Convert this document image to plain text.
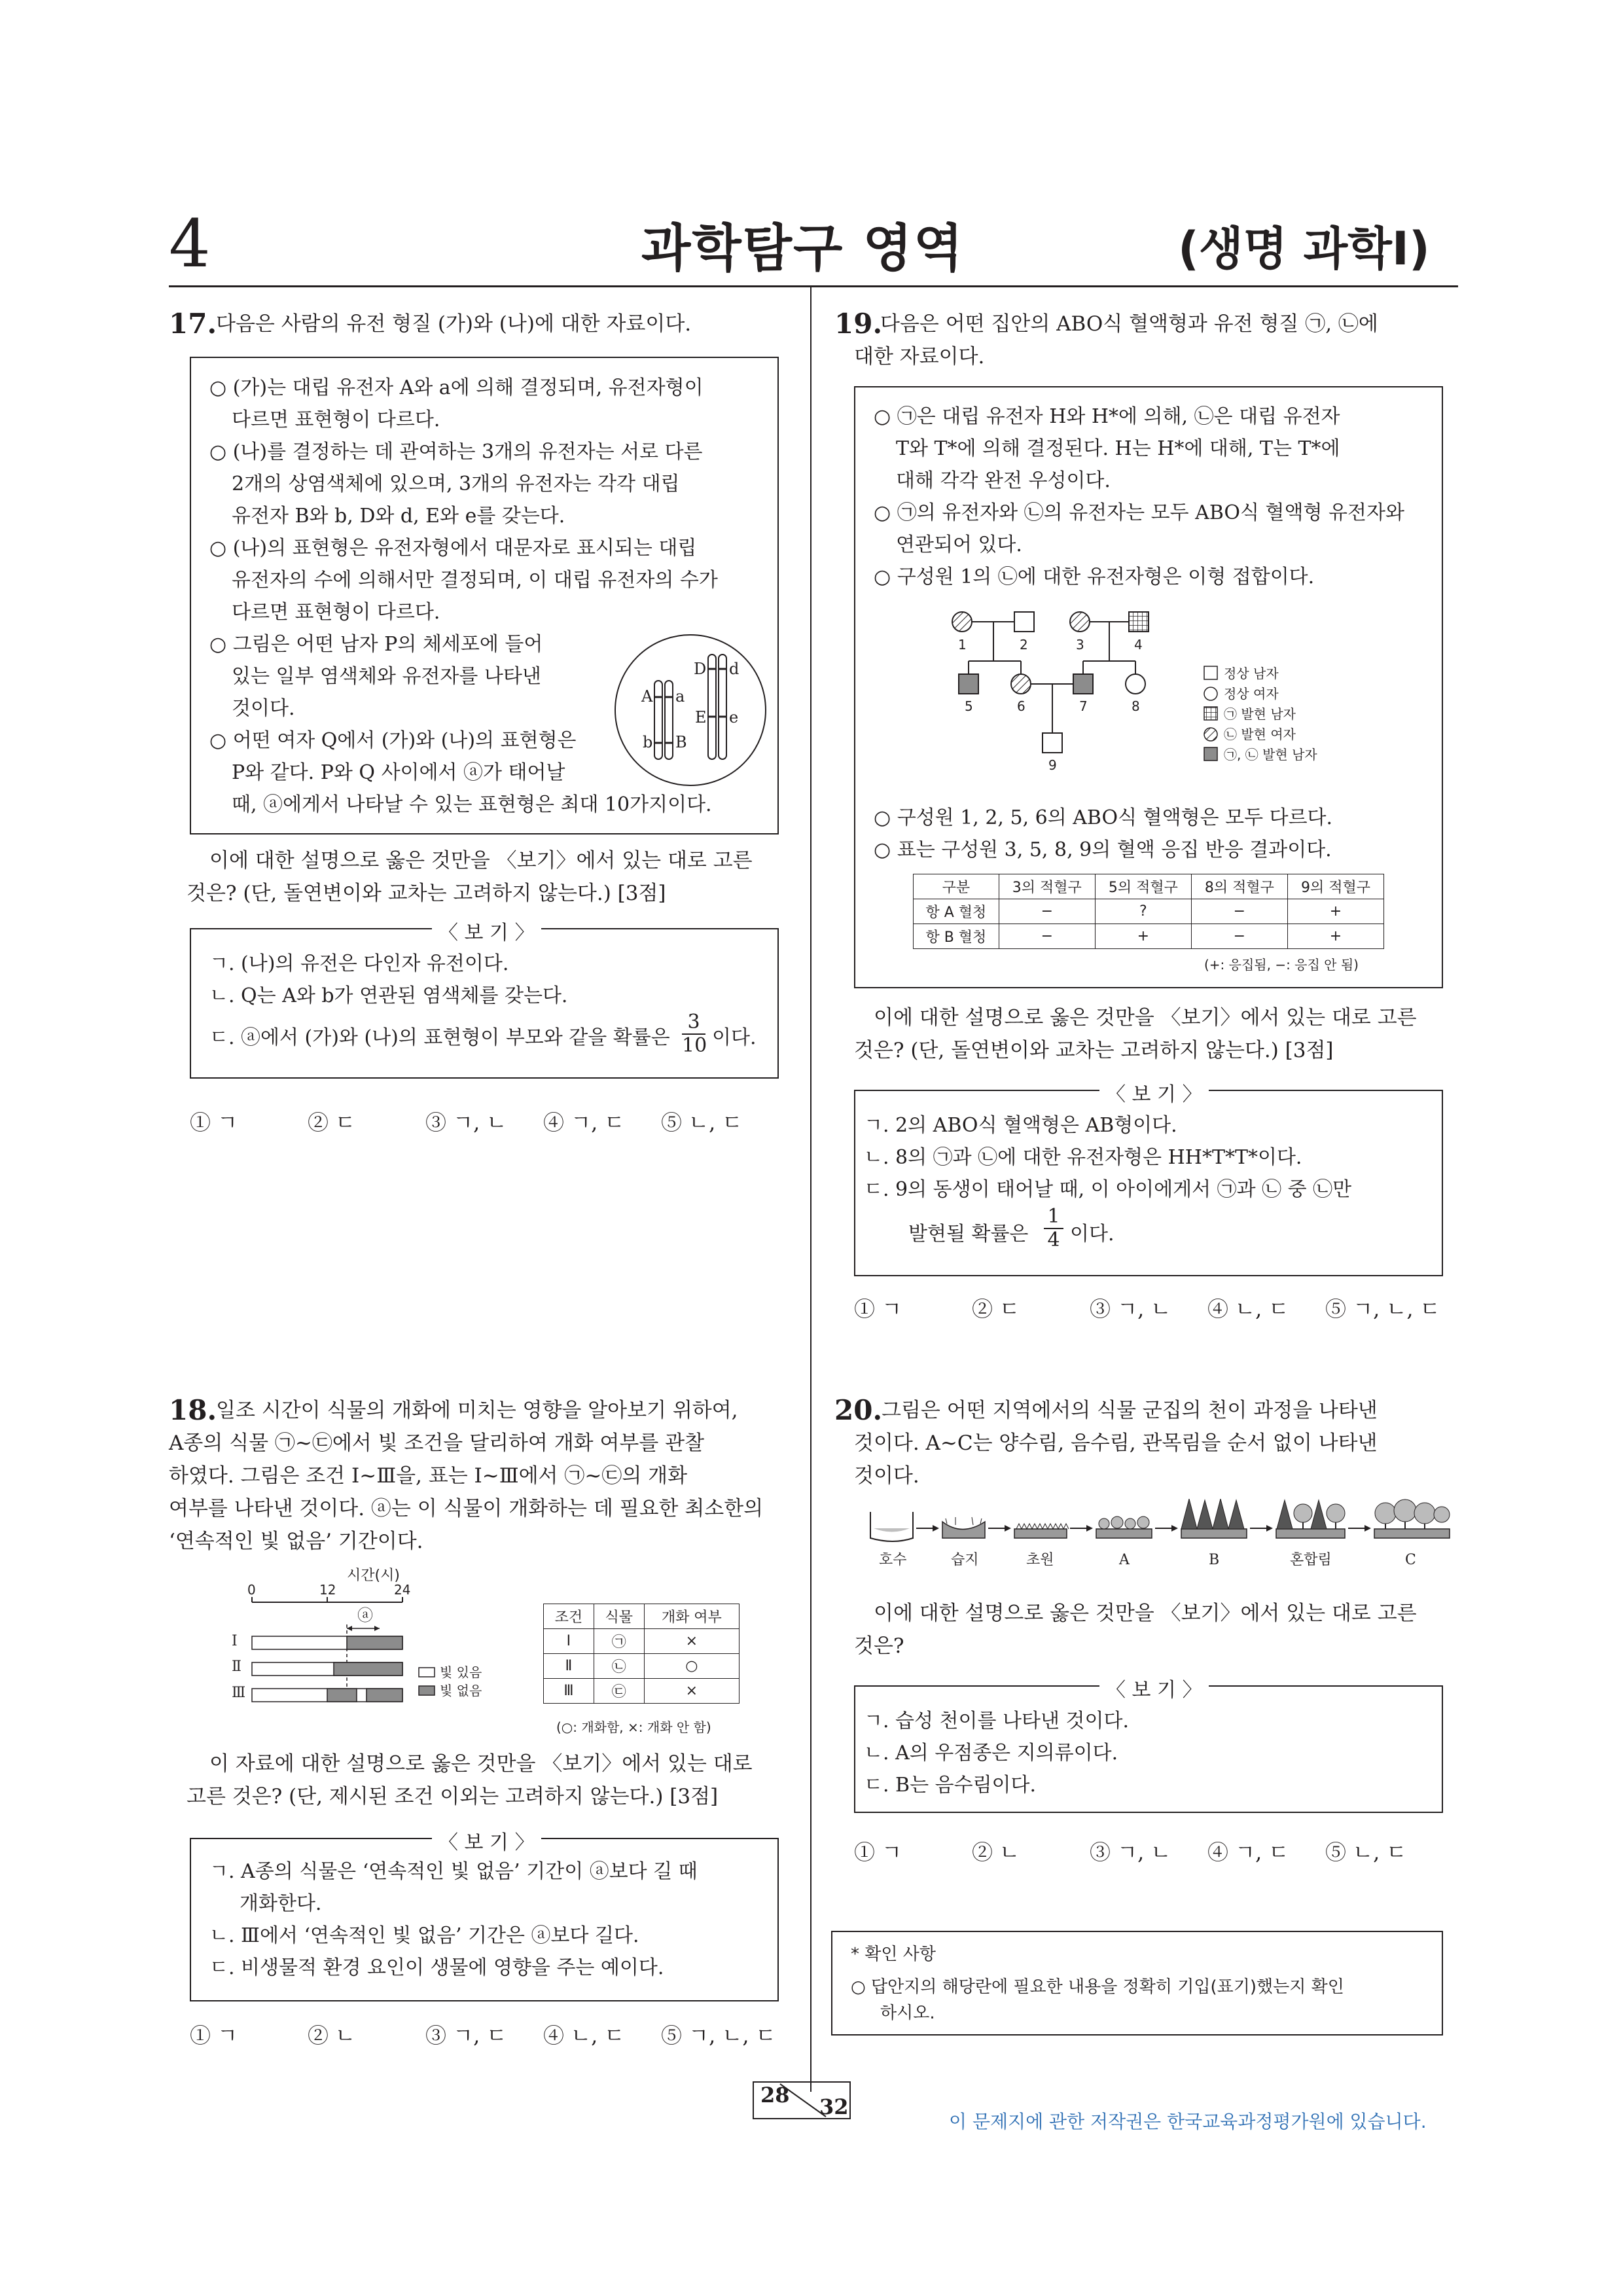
4	과학탐구 영역	(생명 과학Ⅰ)
17.
다음은 사람의 유전 형질 (가)와 (나)에 대한 자료이다.
○ (가)는 대립 유전자 A와 a에 의해 결정되며, 유전자형이
다르면 표현형이 다르다.
○ (나)를 결정하는 데 관여하는 3개의 유전자는 서로 다른
2개의 상염색체에 있으며, 3개의 유전자는 각각 대립
유전자 B와 b, D와 d, E와 e를 갖는다.
○ (나)의 표현형은 유전자형에서 대문자로 표시되는 대립
유전자의 수에 의해서만 결정되며, 이 대립 유전자의 수가
다르면 표현형이 다르다.
○ 그림은 어떤 남자 P의 체세포에 들어
있는 일부 염색체와 유전자를 나타낸
것이다.
○ 어떤 여자 Q에서 (가)와 (나)의 표현형은
P와 같다. P와 Q 사이에서 ⓐ가 태어날
때, ⓐ에게서 나타날 수 있는 표현형은 최대 10가지이다.
A a
b B
D d
E e
이에 대한 설명으로 옳은 것만을 〈보기〉에서 있는 대로 고른
것은? (단, 돌연변이와 교차는 고려하지 않는다.) [3점]
〈 보 기 〉
ㄱ. (나)의 유전은 다인자 유전이다.
ㄴ. Q는 A와 b가 연관된 염색체를 갖는다.
ㄷ. ⓐ에서 (가)와 (나)의 표현형이 부모와 같을 확률은 $\frac{3}{10}$ 이다.
① ㄱ	② ㄷ	③ ㄱ, ㄴ ④ ㄱ, ㄷ ⑤ ㄴ, ㄷ
18.
일조 시간이 식물의 개화에 미치는 영향을 알아보기 위하여,
A종의 식물 ㉠~㉢에서 빛 조건을 달리하여 개화 여부를 관찰
하였다. 그림은 조건 Ⅰ~Ⅲ을, 표는 Ⅰ~Ⅲ에서 ㉠~㉢의 개화
여부를 나타낸 것이다. ⓐ는 이 식물이 개화하는 데 필요한 최소한의
‘연속적인 빛 없음’ 기간이다.
시간(시)
0	12	24
ⓐ
Ⅰ
Ⅱ
Ⅲ
빛 있음
빛 없음
조건	식물	개화 여부
Ⅰ	㉠	×
Ⅱ	㉡	○
Ⅲ	㉢	×
(○: 개화함, ×: 개화 안 함)
이 자료에 대한 설명으로 옳은 것만을 〈보기〉에서 있는 대로
고른 것은? (단, 제시된 조건 이외는 고려하지 않는다.) [3점]
〈 보 기 〉
ㄱ. A종의 식물은 ‘연속적인 빛 없음’ 기간이 ⓐ보다 길 때
개화한다.
ㄴ. Ⅲ에서 ‘연속적인 빛 없음’ 기간은 ⓐ보다 길다.
ㄷ. 비생물적 환경 요인이 생물에 영향을 주는 예이다.
① ㄱ	② ㄴ	③ ㄱ, ㄷ ④ ㄴ, ㄷ ⑤ ㄱ, ㄴ, ㄷ
19.
다음은 어떤 집안의 ABO식 혈액형과 유전 형질 ㉠, ㉡에
대한 자료이다.
○ ㉠은 대립 유전자 H와 H*에 의해, ㉡은 대립 유전자
T와 T*에 의해 결정된다. H는 H*에 대해, T는 T*에
대해 각각 완전 우성이다.
○ ㉠의 유전자와 ㉡의 유전자는 모두 ABO식 혈액형 유전자와
연관되어 있다.
○ 구성원 1의 ㉡에 대한 유전자형은 이형 접합이다.
1	2	3	4
5	6	7	8
9
정상 남자
정상 여자
㉠ 발현 남자
㉡ 발현 여자
㉠, ㉡ 발현 남자
○ 구성원 1, 2, 5, 6의 ABO식 혈액형은 모두 다르다.
○ 표는 구성원 3, 5, 8, 9의 혈액 응집 반응 결과이다.
구분	3의 적혈구	5의 적혈구	8의 적혈구	9의 적혈구
항 A 혈청	−	?	−	+
항 B 혈청	−	+	−	+
(+: 응집됨, −: 응집 안 됨)
이에 대한 설명으로 옳은 것만을 〈보기〉에서 있는 대로 고른
것은? (단, 돌연변이와 교차는 고려하지 않는다.) [3점]
〈 보 기 〉
ㄱ. 2의 ABO식 혈액형은 AB형이다.
ㄴ. 8의 ㉠과 ㉡에 대한 유전자형은 HH*T*T*이다.
ㄷ. 9의 동생이 태어날 때, 이 아이에게서 ㉠과 ㉡ 중 ㉡만
발현될 확률은 $\frac{1}{4}$ 이다.
① ㄱ	② ㄷ	③ ㄱ, ㄴ ④ ㄴ, ㄷ ⑤ ㄱ, ㄴ, ㄷ
20.
그림은 어떤 지역에서의 식물 군집의 천이 과정을 나타낸
것이다. A~C는 양수림, 음수림, 관목림을 순서 없이 나타낸
것이다.
호수	습지	초원	A	B	혼합림	C
이에 대한 설명으로 옳은 것만을 〈보기〉에서 있는 대로 고른
것은?
〈 보 기 〉
ㄱ. 습성 천이를 나타낸 것이다.
ㄴ. A의 우점종은 지의류이다.
ㄷ. B는 음수림이다.
① ㄱ	② ㄴ	③ ㄱ, ㄴ ④ ㄱ, ㄷ ⑤ ㄴ, ㄷ
* 확인 사항
○ 답안지의 해당란에 필요한 내용을 정확히 기입(표기)했는지 확인
하시오.
28 32
이 문제지에 관한 저작권은 한국교육과정평가원에 있습니다.
